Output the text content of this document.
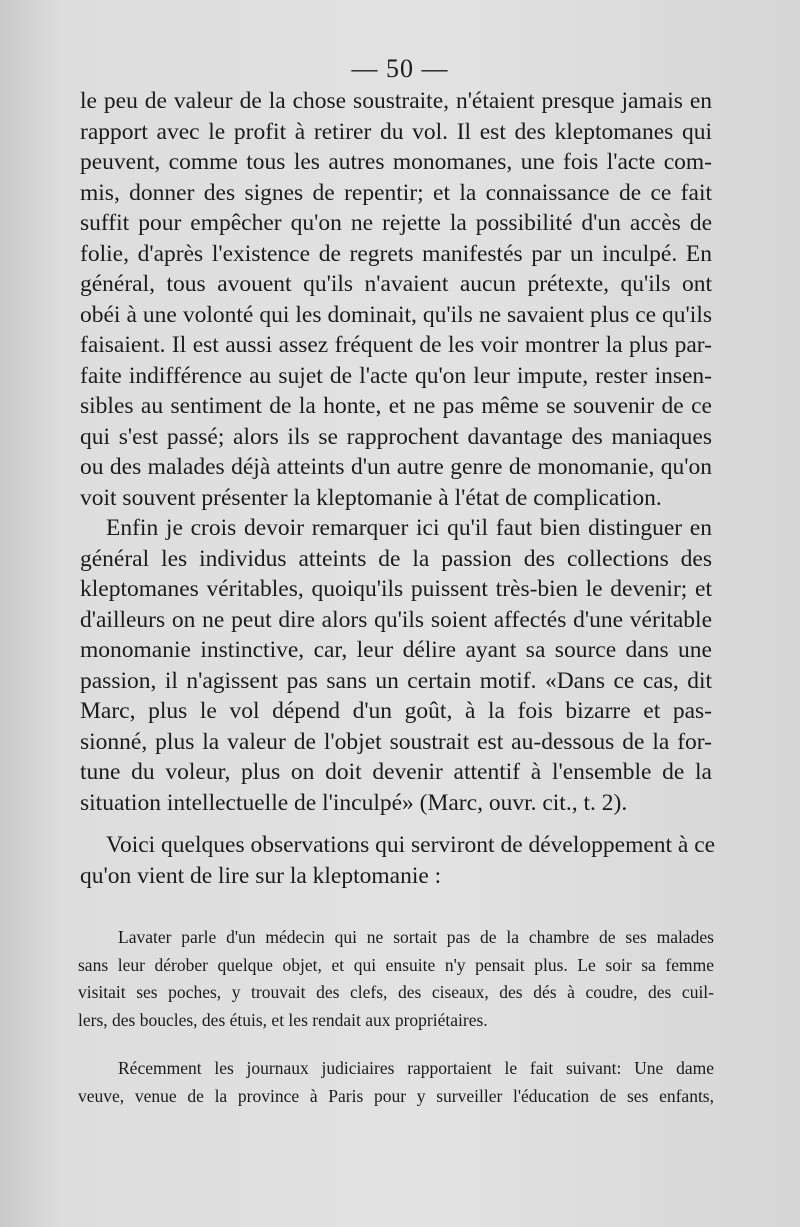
— 50 —
le peu de valeur de la chose soustraite, n'étaient presque jamais en
rapport avec le profit à retirer du vol. Il est des kleptomanes qui
peuvent, comme tous les autres monomanes, une fois l'acte com-
mis, donner des signes de repentir; et la connaissance de ce fait
suffit pour empêcher qu'on ne rejette la possibilité d'un accès de
folie, d'après l'existence de regrets manifestés par un inculpé. En
général, tous avouent qu'ils n'avaient aucun prétexte, qu'ils ont
obéi à une volonté qui les dominait, qu'ils ne savaient plus ce qu'ils
faisaient. Il est aussi assez fréquent de les voir montrer la plus par-
faite indifférence au sujet de l'acte qu'on leur impute, rester insen-
sibles au sentiment de la honte, et ne pas même se souvenir de ce
qui s'est passé; alors ils se rapprochent davantage des maniaques
ou des malades déjà atteints d'un autre genre de monomanie, qu'on
voit souvent présenter la kleptomanie à l'état de complication.
Enfin je crois devoir remarquer ici qu'il faut bien distinguer en
général les individus atteints de la passion des collections des
kleptomanes véritables, quoiqu'ils puissent très-bien le devenir; et
d'ailleurs on ne peut dire alors qu'ils soient affectés d'une véritable
monomanie instinctive, car, leur délire ayant sa source dans une
passion, il n'agissent pas sans un certain motif. «Dans ce cas, dit
Marc, plus le vol dépend d'un goût, à la fois bizarre et pas-
sionné, plus la valeur de l'objet soustrait est au-dessous de la for-
tune du voleur, plus on doit devenir attentif à l'ensemble de la
situation intellectuelle de l'inculpé» (Marc, ouvr. cit., t. 2).
Voici quelques observations qui serviront de développement à ce
qu'on vient de lire sur la kleptomanie :
Lavater parle d'un médecin qui ne sortait pas de la chambre de ses malades
sans leur dérober quelque objet, et qui ensuite n'y pensait plus. Le soir sa femme
visitait ses poches, y trouvait des clefs, des ciseaux, des dés à coudre, des cuil-
lers, des boucles, des étuis, et les rendait aux propriétaires.
Récemment les journaux judiciaires rapportaient le fait suivant: Une dame
veuve, venue de la province à Paris pour y surveiller l'éducation de ses enfants,
